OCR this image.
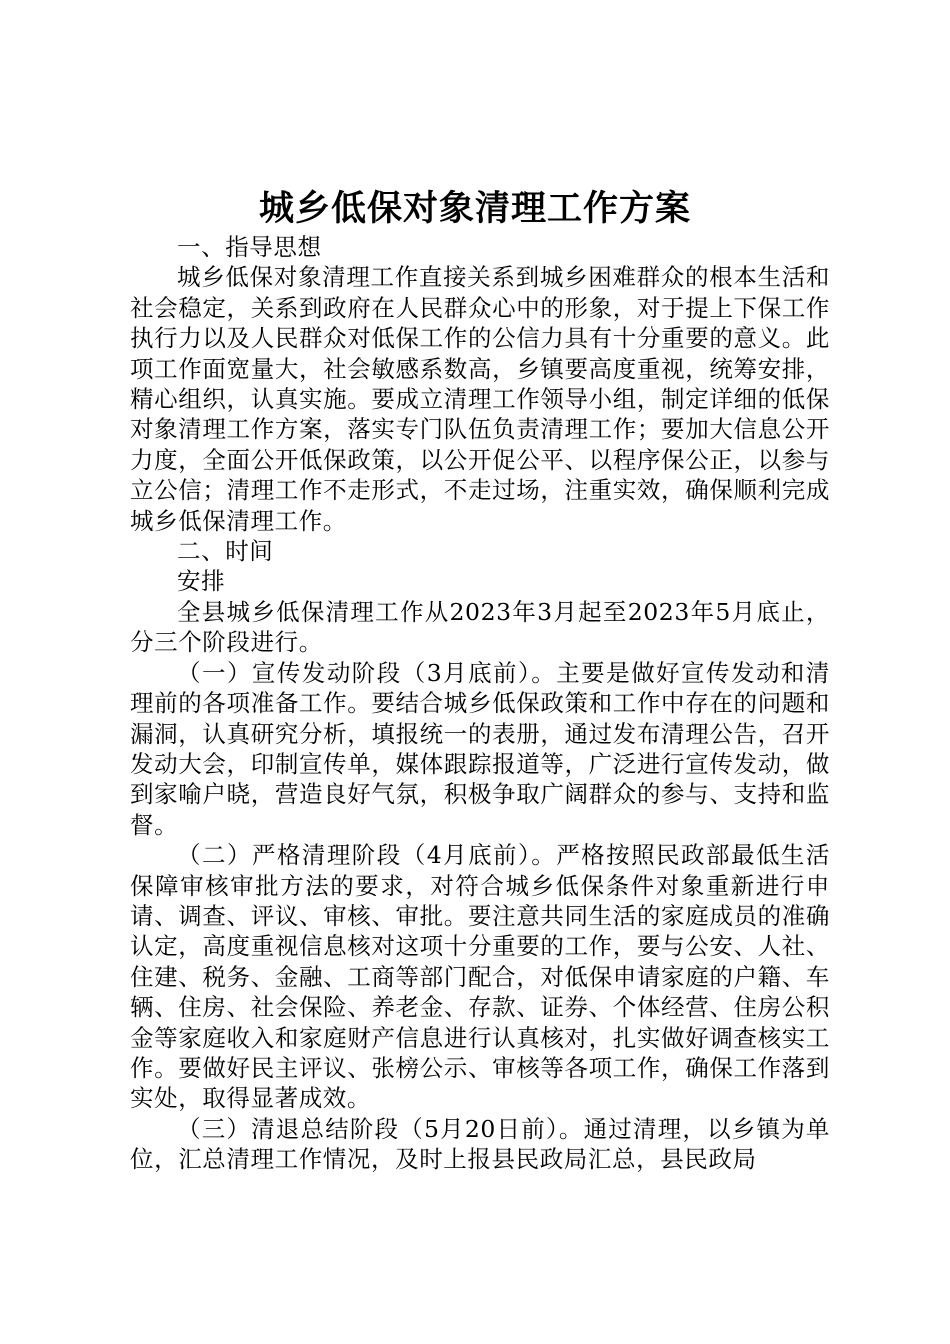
城乡低保对象清理工作方案

一、指导思想

城乡低保对象清理工作直接关系到城乡困难群众的根本生活和社会稳定，关系到政府在人民群众心中的形象，对于提上下保工作执行力以及人民群众对低保工作的公信力具有十分重要的意义。此项工作面宽量大，社会敏感系数高，乡镇要高度重视，统筹安排，精心组织，认真实施。要成立清理工作领导小组，制定详细的低保对象清理工作方案，落实专门队伍负责清理工作；要加大信息公开力度，全面公开低保政策，以公开促公平、以程序保公正，以参与立公信；清理工作不走形式，不走过场，注重实效，确保顺利完成城乡低保清理工作。

二、时间

安排

全县城乡低保清理工作从2023年3月起至2023年5月底止，分三个阶段进行。

（一）宣传发动阶段（3月底前）。主要是做好宣传发动和清理前的各项准备工作。要结合城乡低保政策和工作中存在的问题和漏洞，认真研究分析，填报统一的表册，通过发布清理公告，召开发动大会，印制宣传单，媒体跟踪报道等，广泛进行宣传发动，做到家喻户晓，营造良好气氛，积极争取广阔群众的参与、支持和监督。

（二）严格清理阶段（4月底前）。严格按照民政部最低生活保障审核审批方法的要求，对符合城乡低保条件对象重新进行申请、调查、评议、审核、审批。要注意共同生活的家庭成员的准确认定，高度重视信息核对这项十分重要的工作，要与公安、人社、住建、税务、金融、工商等部门配合，对低保申请家庭的户籍、车辆、住房、社会保险、养老金、存款、证券、个体经营、住房公积金等家庭收入和家庭财产信息进行认真核对，扎实做好调查核实工作。要做好民主评议、张榜公示、审核等各项工作，确保工作落到实处，取得显著成效。

（三）清退总结阶段（5月20日前）。通过清理，以乡镇为单位，汇总清理工作情况，及时上报县民政局汇总，县民政局
